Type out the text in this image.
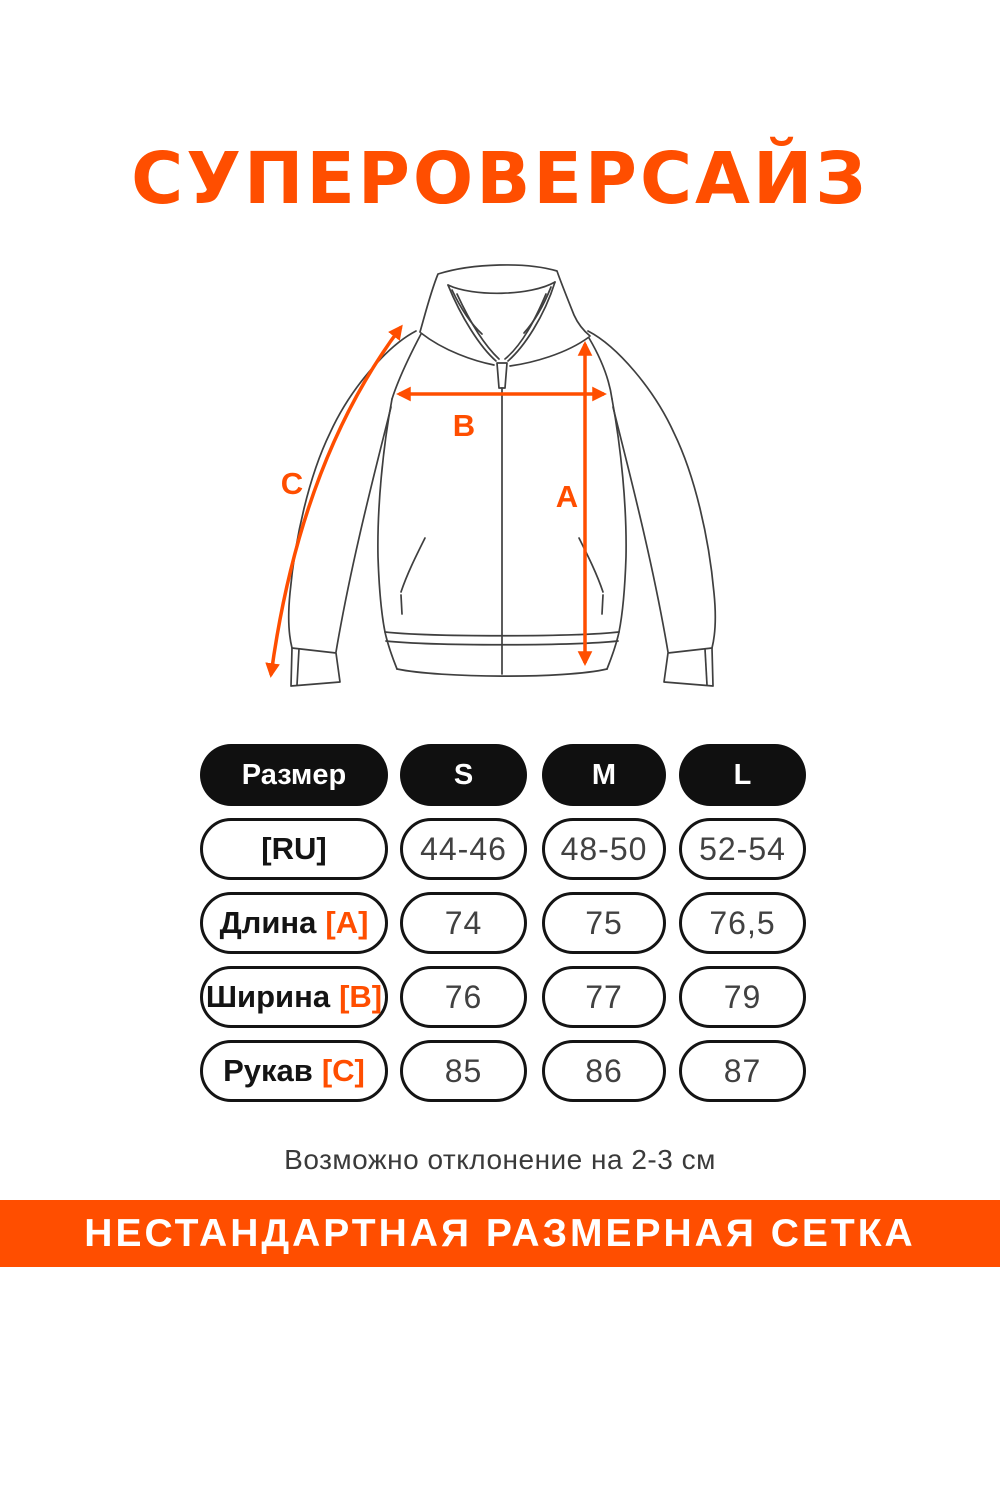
СУПЕРОВЕРСАЙЗ
B
A
C
Размер	S	M	L
[RU]	44-46	48-50	52-54
Длина [A]	74	75	76,5
Ширина [B]	76	77	79
Рукав [C]	85	86	87
Возможно отклонение на 2-3 см
НЕСТАНДАРТНАЯ РАЗМЕРНАЯ СЕТКА
